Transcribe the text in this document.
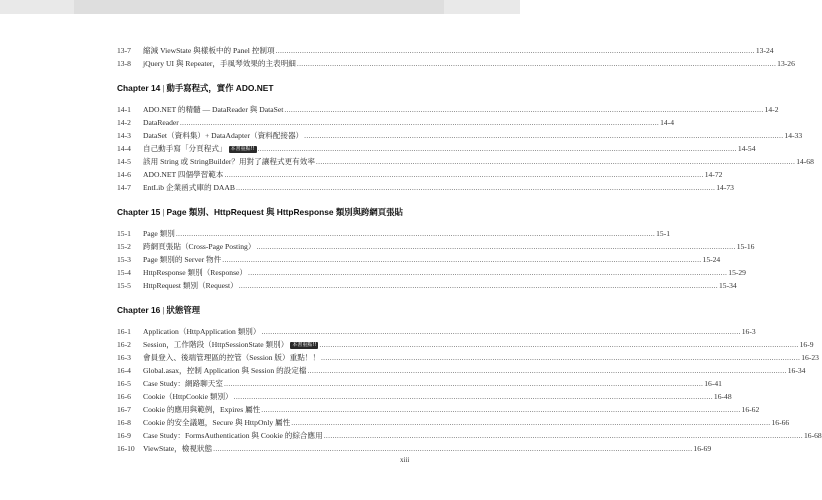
13-7	縮減 ViewState 與樣板中的 Panel 控制項 .....	13-24
13-8	jQuery UI 與 Repeater，手風琴效果的主表明細 .....	13-26
Chapter 14 | 動手寫程式，實作 ADO.NET
14-1	ADO.NET 的精髓 — DataReader 與 DataSet .....	14-2
14-2	DataReader .....	14-4
14-3	DataSet（資料集）+ DataAdapter（資料配接器） .....	14-33
14-4	自己動手寫「分頁程式」 本書重點!! .....	14-54
14-5	該用 String 或 StringBuilder？用對了讓程式更有效率 .....	14-68
14-6	ADO.NET 四個學習範本 .....	14-72
14-7	EntLib 企業函式庫的 DAAB .....	14-73
Chapter 15 | Page 類別、HttpRequest 與 HttpResponse 類別與跨網頁張貼
15-1	Page 類別 .....	15-1
15-2	跨網頁張貼（Cross-Page Posting） .....	15-16
15-3	Page 類別的 Server 物件 .....	15-24
15-4	HttpResponse 類別（Response） .....	15-29
15-5	HttpRequest 類別（Request） .....	15-34
Chapter 16 | 狀態管理
16-1	Application（HttpApplication 類別） .....	16-3
16-2	Session，工作階段（HttpSessionState 類別） 本書重點!! .....	16-9
16-3	會員登入、後端管理區的控管（Session 版）重點！！ .....	16-23
16-4	Global.asax，控制 Application 與 Session 的設定檔 .....	16-34
16-5	Case Study：網路聊天室 .....	16-41
16-6	Cookie（HttpCookie 類別） .....	16-48
16-7	Cookie 的應用與範例，Expires 屬性 .....	16-62
16-8	Cookie 的安全議題，Secure 與 HttpOnly 屬性 .....	16-66
16-9	Case Study：FormsAuthentication 與 Cookie 的綜合應用 .....	16-68
16-10	ViewState，檢視狀態 .....	16-69
xiii
